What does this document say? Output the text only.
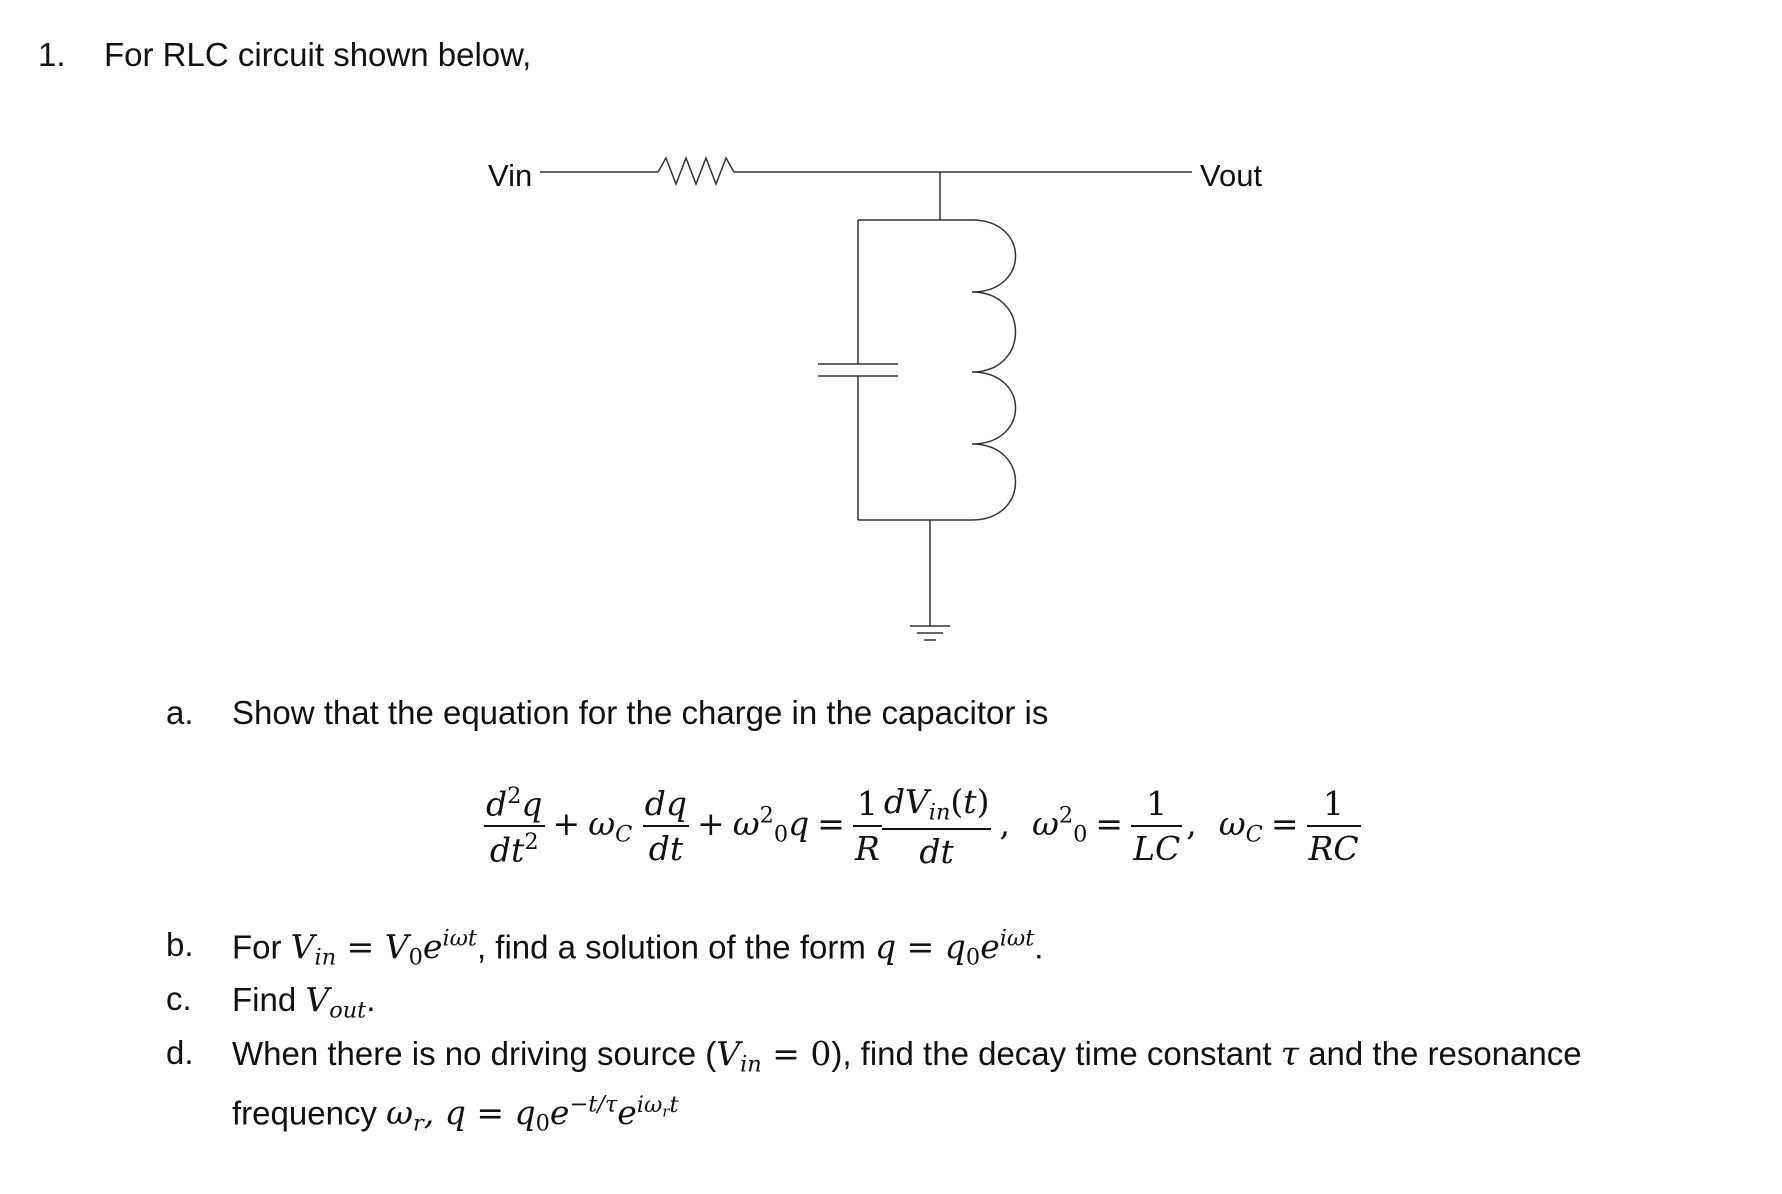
1. For RLC circuit shown below,
Vin	Vout
a. Show that the equation for the charge in the capacitor is
$\frac{d^2q}{dt^2} + \omega_C \frac{dq}{dt} + \omega^2_0q = \frac{1}{R} \frac{dV_{in}(t)}{dt}$ , $\omega^2_0 = \frac{1}{LC}$ , $\omega_C = \frac{1}{RC}$
b. For $V_{in} = V_0e^{i\omega t}$, find a solution of the form $q = q_0e^{i\omega t}$.
c. Find $V_{out}$.
d. When there is no driving source $(V_{in} = 0)$, find the decay time constant τ and the resonance
frequency $\omega_r$, $q = q_0e^{-t/\tau}e^{i\omega_rt}$
